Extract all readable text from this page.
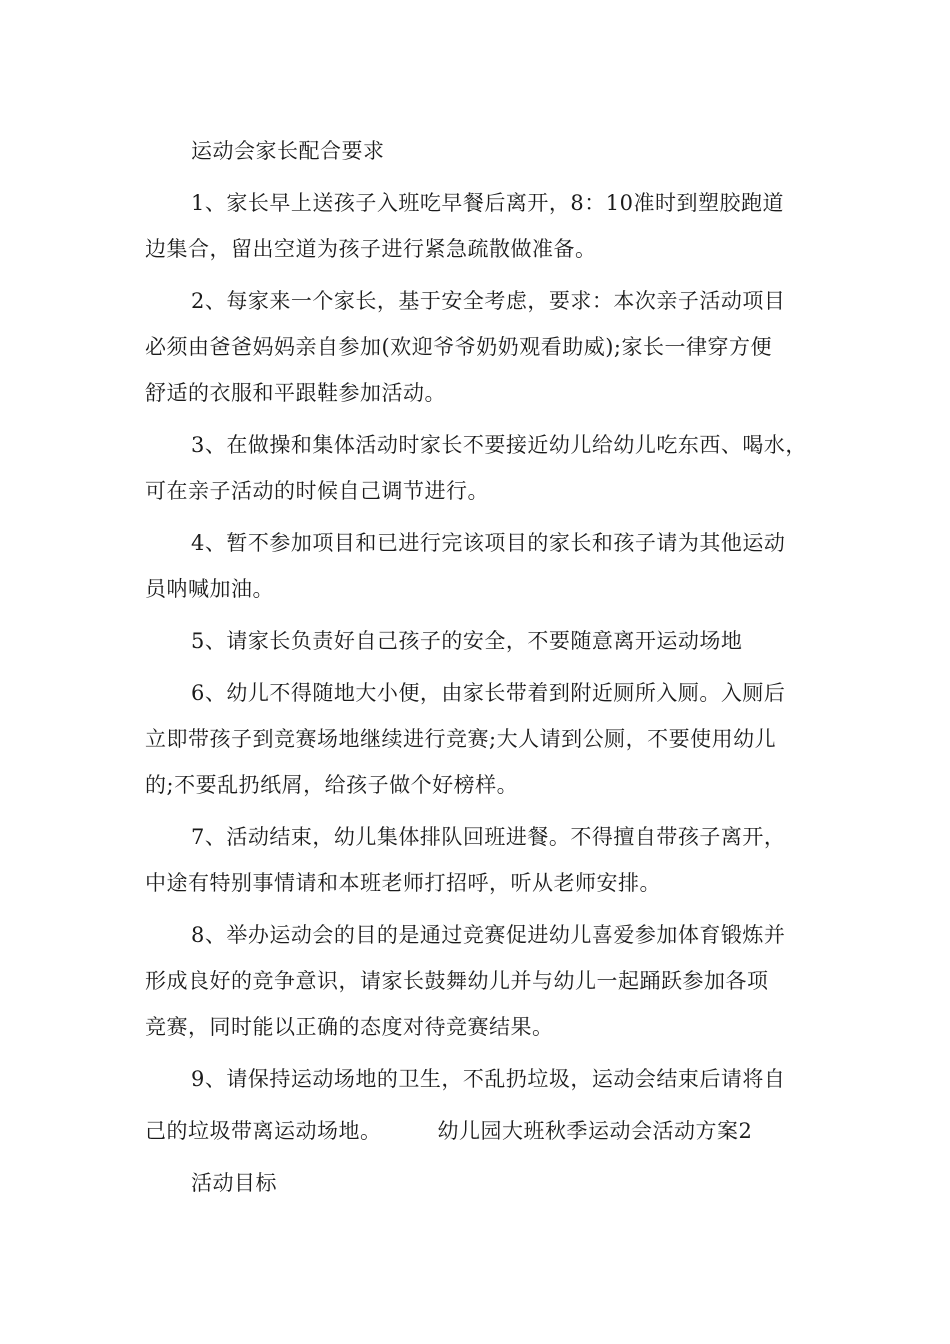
运动会家长配合要求
1、家长早上送孩子入班吃早餐后离开，8：10准时到塑胶跑道
边集合，留出空道为孩子进行紧急疏散做准备。
2、每家来一个家长，基于安全考虑，要求：本次亲子活动项目
必须由爸爸妈妈亲自参加(欢迎爷爷奶奶观看助威);家长一律穿方便
舒适的衣服和平跟鞋参加活动。
3、在做操和集体活动时家长不要接近幼儿给幼儿吃东西、喝水，
可在亲子活动的时候自己调节进行。
4、暂不参加项目和已进行完该项目的家长和孩子请为其他运动
员呐喊加油。
5、请家长负责好自己孩子的安全，不要随意离开运动场地
6、幼儿不得随地大小便，由家长带着到附近厕所入厕。入厕后
立即带孩子到竞赛场地继续进行竞赛;大人请到公厕，不要使用幼儿
的;不要乱扔纸屑，给孩子做个好榜样。
7、活动结束，幼儿集体排队回班进餐。不得擅自带孩子离开，
中途有特别事情请和本班老师打招呼，听从老师安排。
8、举办运动会的目的是通过竞赛促进幼儿喜爱参加体育锻炼并
形成良好的竞争意识，请家长鼓舞幼儿并与幼儿一起踊跃参加各项
竞赛，同时能以正确的态度对待竞赛结果。
9、请保持运动场地的卫生，不乱扔垃圾，运动会结束后请将自
己的垃圾带离运动场地。	幼儿园大班秋季运动会活动方案2
活动目标
